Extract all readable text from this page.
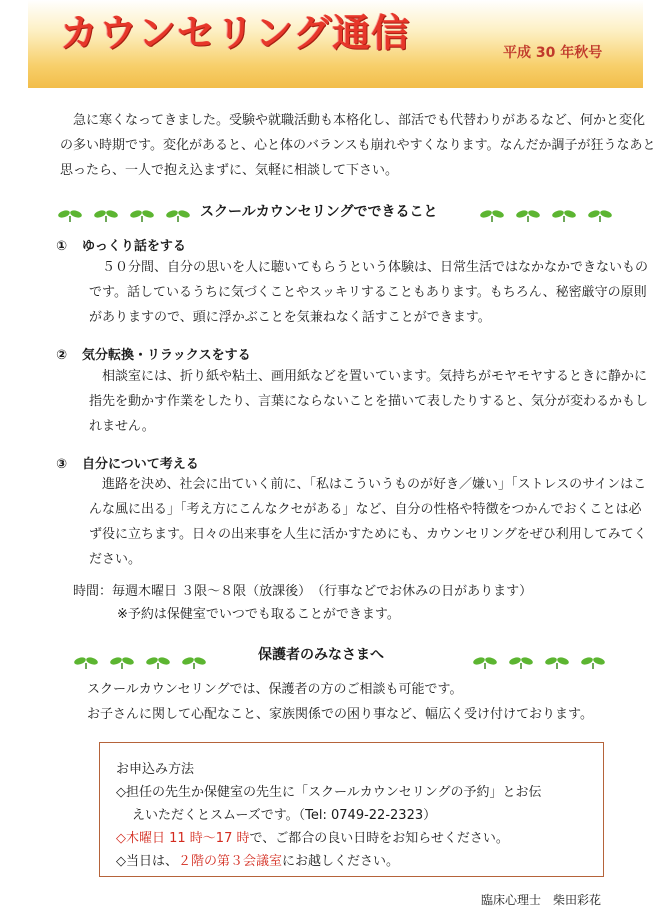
カウンセリング通信	平成 30 年秋号
急に寒くなってきました。受験や就職活動も本格化し、部活でも代替わりがあるなど、何かと変化の多い時期です。変化があると、心と体のバランスも崩れやすくなります。なんだか調子が狂うなあと思ったら、一人で抱え込まずに、気軽に相談して下さい。
スクールカウンセリングでできること
① ゆっくり話をする
５０分間、自分の思いを人に聴いてもらうという体験は、日常生活ではなかなかできないものです。話しているうちに気づくことやスッキリすることもあります。もちろん、秘密厳守の原則がありますので、頭に浮かぶことを気兼ねなく話すことができます。
② 気分転換・リラックスをする
相談室には、折り紙や粘土、画用紙などを置いています。気持ちがモヤモヤするときに静かに指先を動かす作業をしたり、言葉にならないことを描いて表したりすると、気分が変わるかもしれません。
③ 自分について考える
進路を決め、社会に出ていく前に、「私はこういうものが好き／嫌い」「ストレスのサインはこんな風に出る」「考え方にこんなクセがある」など、自分の性格や特徴をつかんでおくことは必ず役に立ちます。日々の出来事を人生に活かすためにも、カウンセリングをぜひ利用してみてください。
時間：毎週木曜日 ３限～８限（放課後）　（行事などでお休みの日があります）
※予約は保健室でいつでも取ることができます。
保護者のみなさまへ
スクールカウンセリングでは、保護者の方のご相談も可能です。
お子さんに関して心配なこと、家族関係での困り事など、幅広く受け付けております。
お申込み方法
◇担任の先生か保健室の先生に「スクールカウンセリングの予約」とお伝
えいただくとスムーズです。（Tel: 0749-22-2323）
◇木曜日 11 時～17 時で、ご都合の良い日時をお知らせください。
◇当日は、２階の第３会議室にお越しください。
臨床心理士　柴田彩花
